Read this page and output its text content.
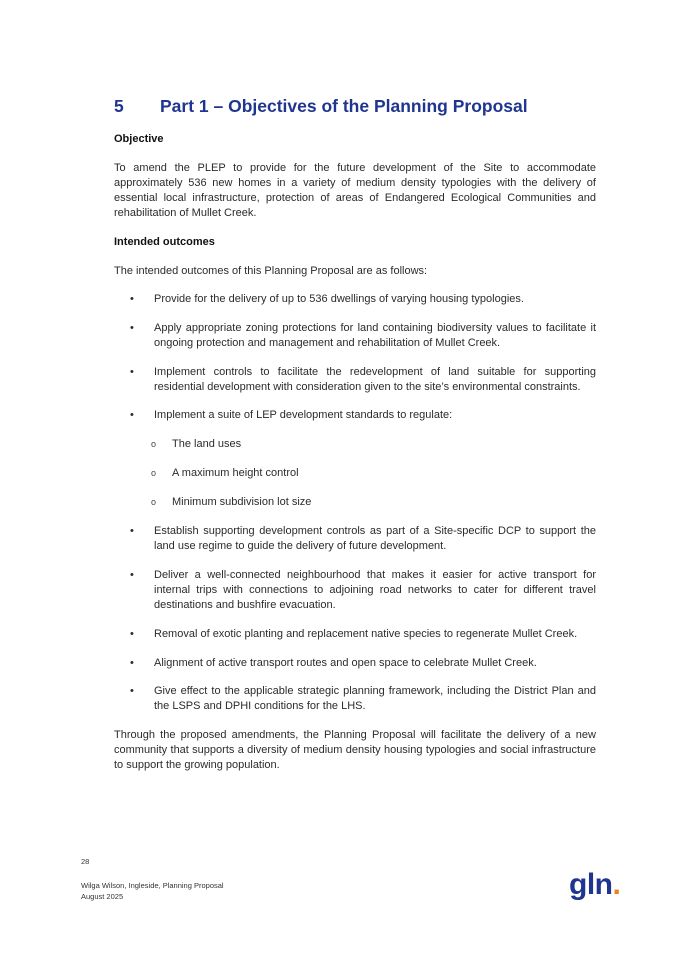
5 Part 1 – Objectives of the Planning Proposal
Objective
To amend the PLEP to provide for the future development of the Site to accommodate approximately 536 new homes in a variety of medium density typologies with the delivery of essential local infrastructure, protection of areas of Endangered Ecological Communities and rehabilitation of Mullet Creek.
Intended outcomes
The intended outcomes of this Planning Proposal are as follows:
•	Provide for the delivery of up to 536 dwellings of varying housing typologies.
•	Apply appropriate zoning protections for land containing biodiversity values to facilitate it ongoing protection and management and rehabilitation of Mullet Creek.
•	Implement controls to facilitate the redevelopment of land suitable for supporting residential development with consideration given to the site’s environmental constraints.
•	Implement a suite of LEP development standards to regulate:
o The land uses
o A maximum height control
o Minimum subdivision lot size
•	Establish supporting development controls as part of a Site-specific DCP to support the land use regime to guide the delivery of future development.
•	Deliver a well-connected neighbourhood that makes it easier for active transport for internal trips with connections to adjoining road networks to cater for different travel destinations and bushfire evacuation.
•	Removal of exotic planting and replacement native species to regenerate Mullet Creek.
•	Alignment of active transport routes and open space to celebrate Mullet Creek.
•	Give effect to the applicable strategic planning framework, including the District Plan and the LSPS and DPHI conditions for the LHS.
Through the proposed amendments, the Planning Proposal will facilitate the delivery of a new community that supports a diversity of medium density housing typologies and social infrastructure to support the growing population.
28
Wilga Wilson, Ingleside, Planning Proposal
August 2025	gln.
